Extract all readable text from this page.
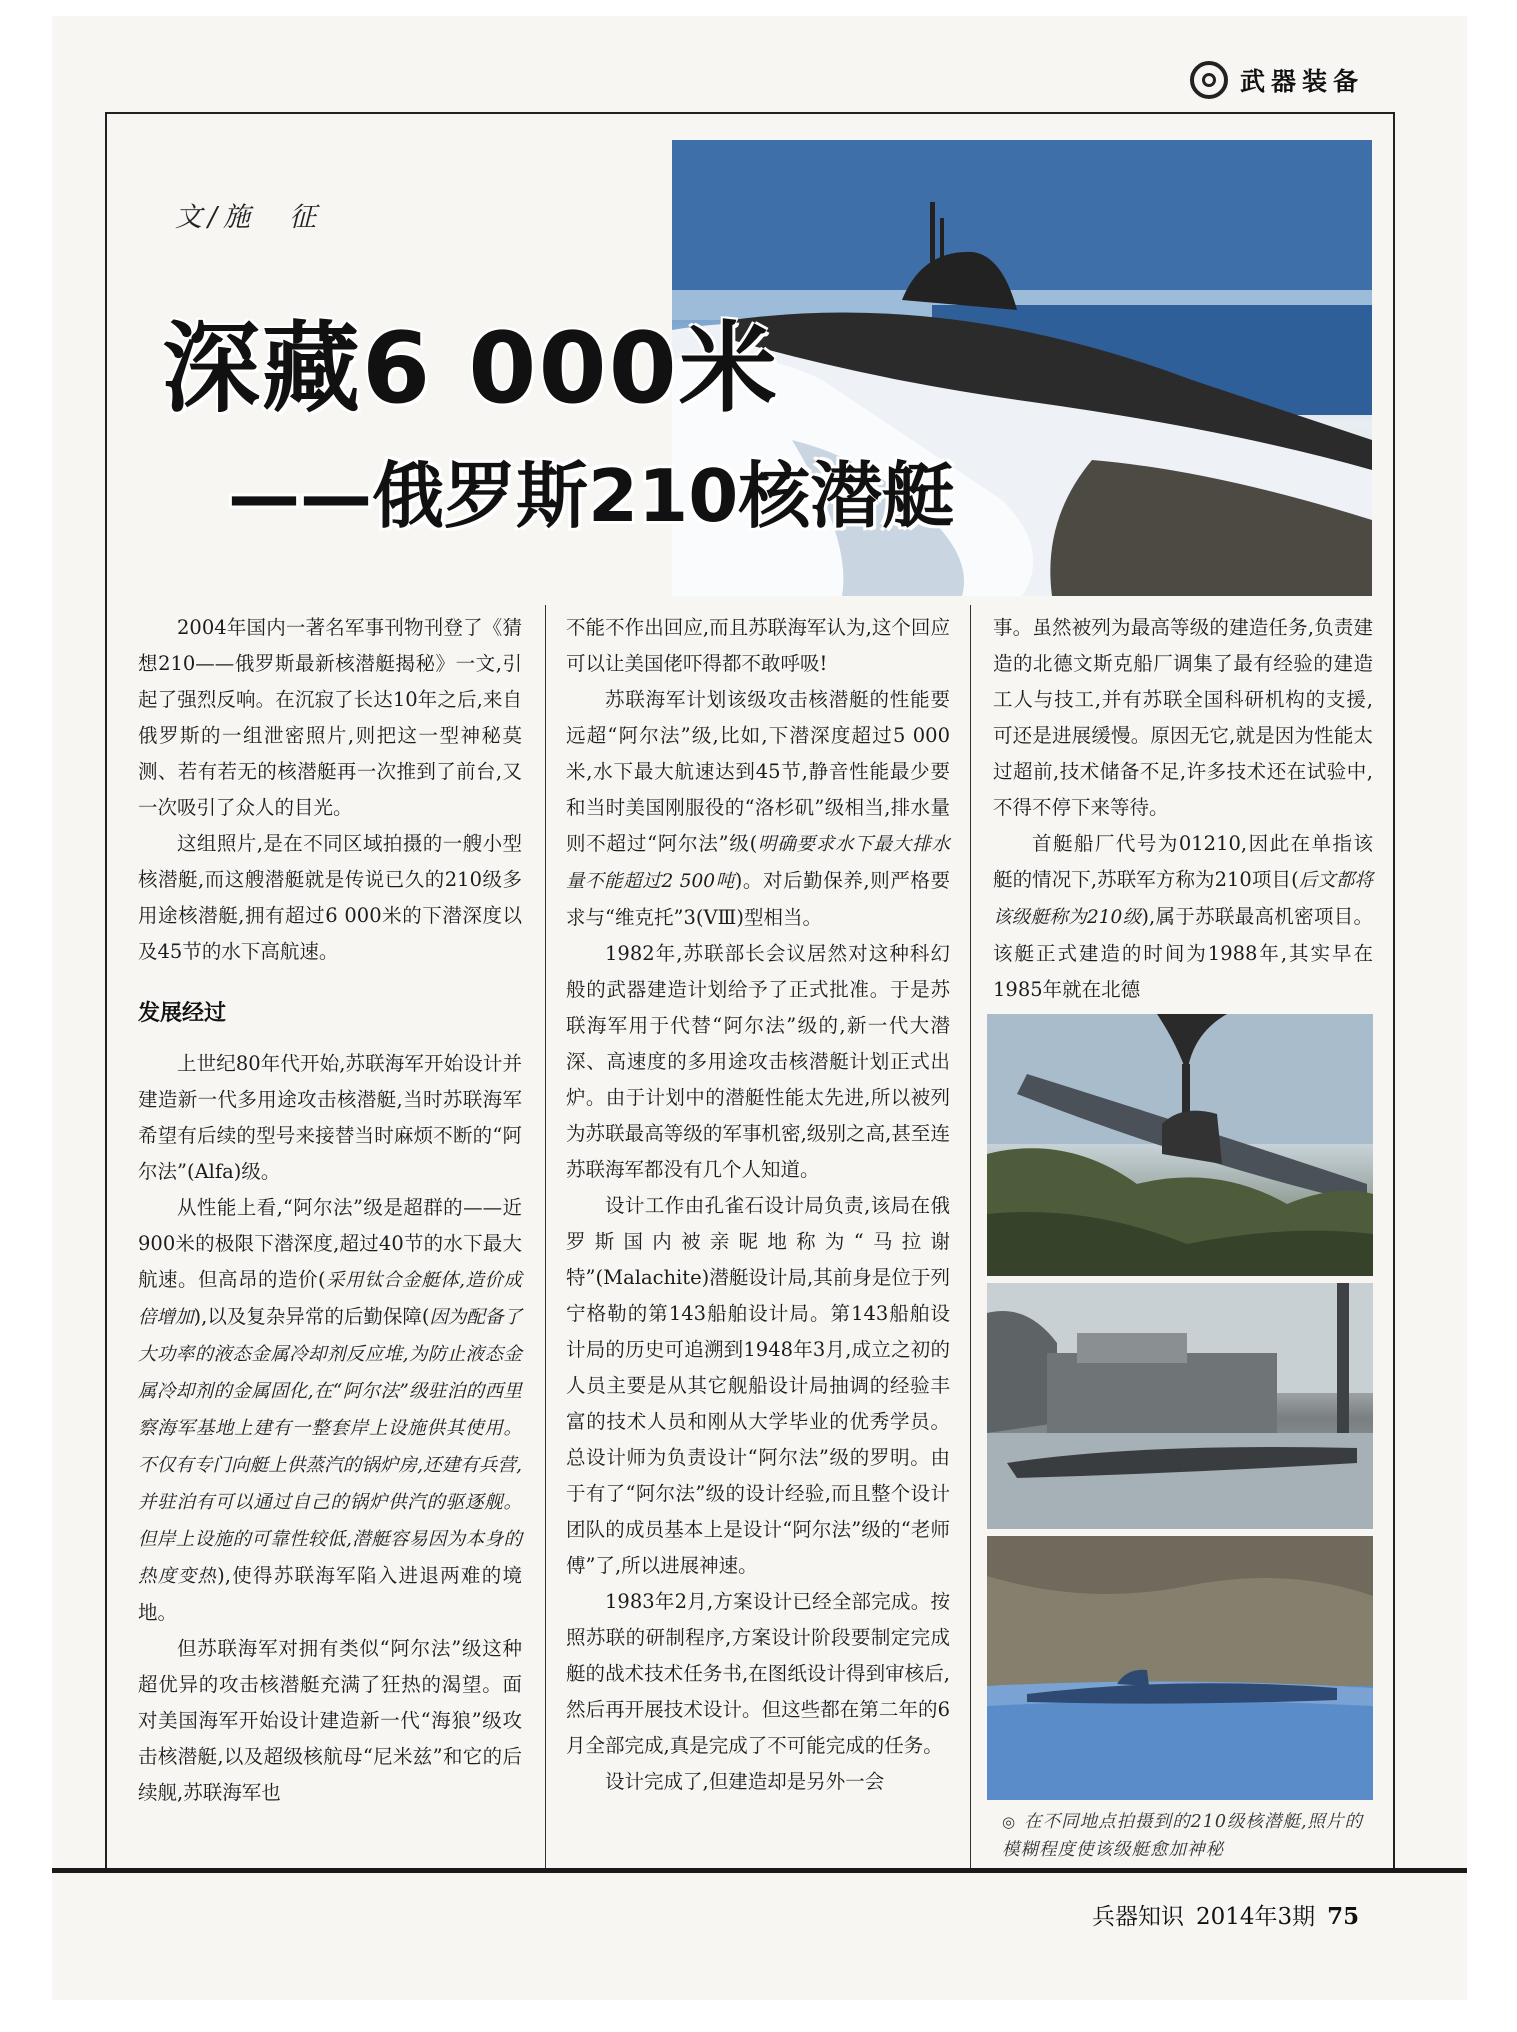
武器装备
文/施　征
深藏6 000米
——俄罗斯210核潜艇

2004年国内一著名军事刊物刊登了《猜想210——俄罗斯最新核潜艇揭秘》一文,引起了强烈反响。在沉寂了长达10年之后,来自俄罗斯的一组泄密照片,则把这一型神秘莫测、若有若无的核潜艇再一次推到了前台,又一次吸引了众人的目光。

这组照片,是在不同区域拍摄的一艘小型核潜艇,而这艘潜艇就是传说已久的210级多用途核潜艇,拥有超过6 000米的下潜深度以及45节的水下高航速。

发展经过

上世纪80年代开始,苏联海军开始设计并建造新一代多用途攻击核潜艇,当时苏联海军希望有后续的型号来接替当时麻烦不断的“阿尔法”(Alfa)级。

从性能上看,“阿尔法”级是超群的——近900米的极限下潜深度,超过40节的水下最大航速。但高昂的造价(采用钛合金艇体,造价成倍增加),以及复杂异常的后勤保障(因为配备了大功率的液态金属冷却剂反应堆,为防止液态金属冷却剂的金属固化,在“阿尔法”级驻泊的西里察海军基地上建有一整套岸上设施供其使用。不仅有专门向艇上供蒸汽的锅炉房,还建有兵营,并驻泊有可以通过自己的锅炉供汽的驱逐舰。但岸上设施的可靠性较低,潜艇容易因为本身的热度变热),使得苏联海军陷入进退两难的境地。

但苏联海军对拥有类似“阿尔法”级这种超优异的攻击核潜艇充满了狂热的渴望。面对美国海军开始设计建造新一代“海狼”级攻击核潜艇,以及超级核航母“尼米兹”和它的后续舰,苏联海军也

不能不作出回应,而且苏联海军认为,这个回应可以让美国佬吓得都不敢呼吸!

苏联海军计划该级攻击核潜艇的性能要远超“阿尔法”级,比如,下潜深度超过5 000米,水下最大航速达到45节,静音性能最少要和当时美国刚服役的“洛杉矶”级相当,排水量则不超过“阿尔法”级(明确要求水下最大排水量不能超过2 500吨)。对后勤保养,则严格要求与“维克托”3(VⅢ)型相当。

1982年,苏联部长会议居然对这种科幻般的武器建造计划给予了正式批准。于是苏联海军用于代替“阿尔法”级的,新一代大潜深、高速度的多用途攻击核潜艇计划正式出炉。由于计划中的潜艇性能太先进,所以被列为苏联最高等级的军事机密,级别之高,甚至连苏联海军都没有几个人知道。

设计工作由孔雀石设计局负责,该局在俄罗斯国内被亲昵地称为“马拉谢特”(Malachite)潜艇设计局,其前身是位于列宁格勒的第143船舶设计局。第143船舶设计局的历史可追溯到1948年3月,成立之初的人员主要是从其它舰船设计局抽调的经验丰富的技术人员和刚从大学毕业的优秀学员。总设计师为负责设计“阿尔法”级的罗明。由于有了“阿尔法”级的设计经验,而且整个设计团队的成员基本上是设计“阿尔法”级的“老师傅”了,所以进展神速。

1983年2月,方案设计已经全部完成。按照苏联的研制程序,方案设计阶段要制定完成艇的战术技术任务书,在图纸设计得到审核后,然后再开展技术设计。但这些都在第二年的6月全部完成,真是完成了不可能完成的任务。

设计完成了,但建造却是另外一会

事。虽然被列为最高等级的建造任务,负责建造的北德文斯克船厂调集了最有经验的建造工人与技工,并有苏联全国科研机构的支援,可还是进展缓慢。原因无它,就是因为性能太过超前,技术储备不足,许多技术还在试验中,不得不停下来等待。

首艇船厂代号为01210,因此在单指该艇的情况下,苏联军方称为210项目(后文都将该级艇称为210级),属于苏联最高机密项目。该艇正式建造的时间为1988年,其实早在1985年就在北德

◎ 在不同地点拍摄到的210级核潜艇,照片的模糊程度使该级艇愈加神秘
兵器知识 2014年3期 75
